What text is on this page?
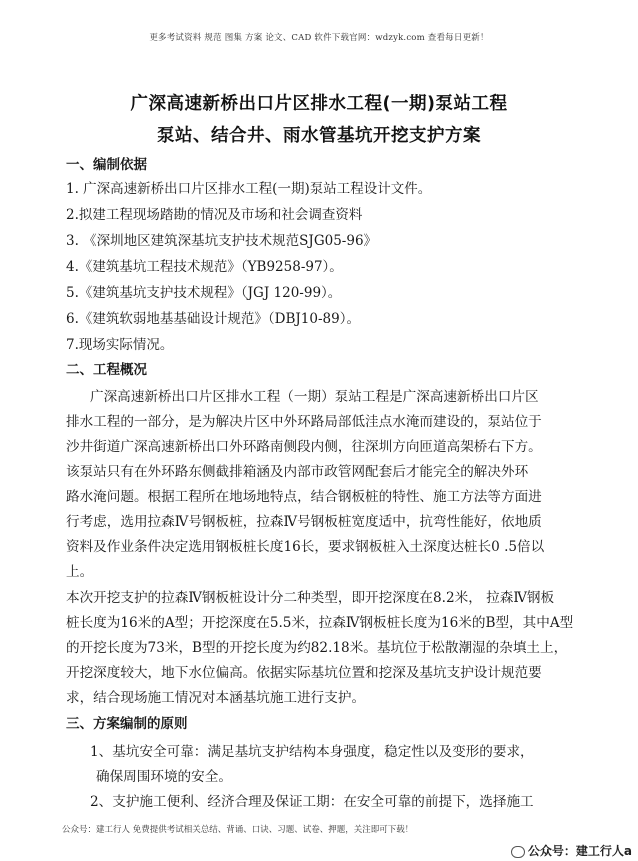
更多考试资料 规范 图集 方案 论文、CAD 软件下载官网：wdzyk.com 查看每日更新！
广深高速新桥出口片区排水工程(一期)泵站工程
泵站、结合井、雨水管基坑开挖支护方案
一、编制依据
1. 广深高速新桥出口片区排水工程(一期)泵站工程设计文件。
2.拟建工程现场踏勘的情况及市场和社会调查资料
3. 《深圳地区建筑深基坑支护技术规范SJG05-96》
4.《建筑基坑工程技术规范》（YB9258-97）。
5.《建筑基坑支护技术规程》（JGJ 120-99）。
6.《建筑软弱地基基础设计规范》（DBJ10-89）。
7.现场实际情况。
二、工程概况
广深高速新桥出口片区排水工程（一期）泵站工程是广深高速新桥出口片区
排水工程的一部分，是为解决片区中外环路局部低洼点水淹而建设的，泵站位于
沙井街道广深高速新桥出口外环路南侧段内侧，往深圳方向匝道高架桥右下方。
该泵站只有在外环路东侧截排箱涵及内部市政管网配套后才能完全的解决外环
路水淹问题。根据工程所在地场地特点，结合钢板桩的特性、施工方法等方面进
行考虑，选用拉森Ⅳ号钢板桩，拉森Ⅳ号钢板桩宽度适中，抗弯性能好，依地质
资料及作业条件决定选用钢板桩长度16长，要求钢板桩入土深度达桩长0 .5倍以
上。
本次开挖支护的拉森Ⅳ钢板桩设计分二种类型，即开挖深度在8.2米， 拉森Ⅳ钢板
桩长度为16米的A型；开挖深度在5.5米，拉森Ⅳ钢板桩长度为16米的B型，其中A型
的开挖长度为73米，B型的开挖长度为约82.18米。基坑位于松散潮湿的杂填土上，
开挖深度较大，地下水位偏高。依据实际基坑位置和挖深及基坑支护设计规范要
求，结合现场施工情况对本涵基坑施工进行支护。
三、方案编制的原则
1、基坑安全可靠：满足基坑支护结构本身强度，稳定性以及变形的要求，
确保周围环境的安全。
2、支护施工便利、经济合理及保证工期：在安全可靠的前提下，选择施工
公众号：建工行人 免费提供考试相关总结、背诵、口诀、习题、试卷、押题，关注即可下载！
公众号：建工行人a
